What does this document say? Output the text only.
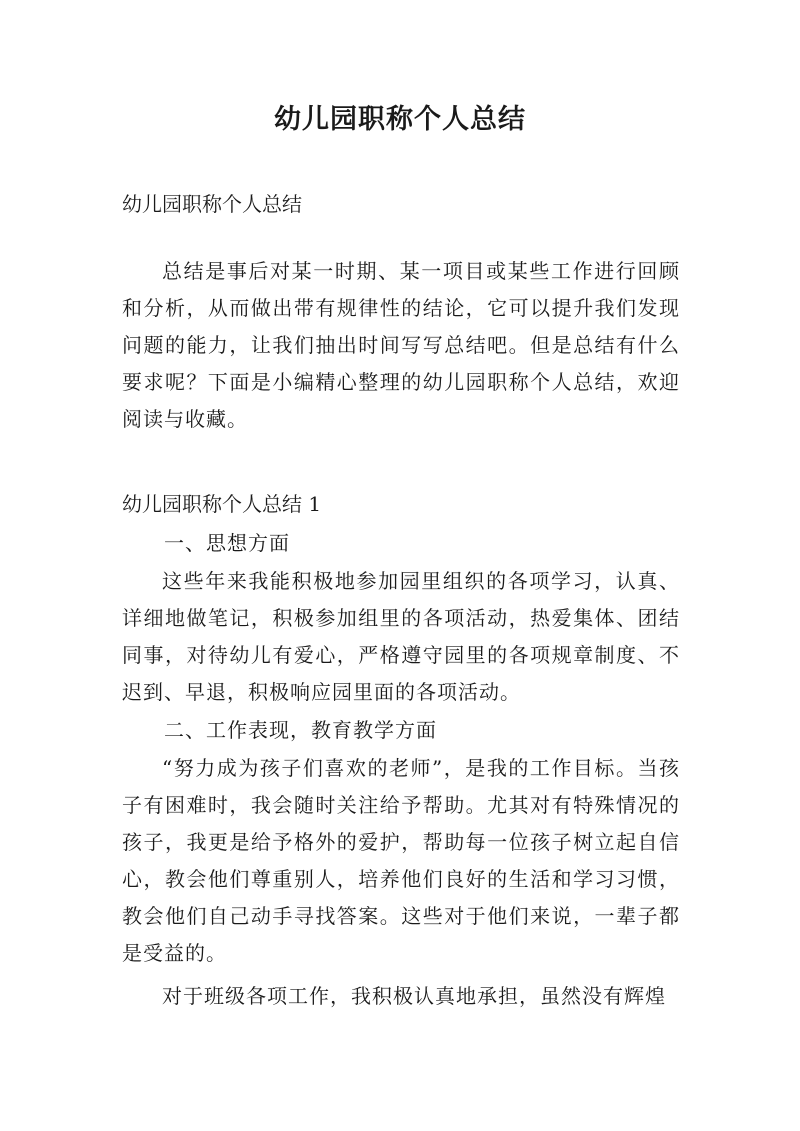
幼儿园职称个人总结

幼儿园职称个人总结

总结是事后对某一时期、某一项目或某些工作进行回顾和分析，从而做出带有规律性的结论，它可以提升我们发现问题的能力，让我们抽出时间写写总结吧。但是总结有什么要求呢？下面是小编精心整理的幼儿园职称个人总结，欢迎阅读与收藏。

幼儿园职称个人总结 1

一、思想方面

这些年来我能积极地参加园里组织的各项学习，认真、详细地做笔记，积极参加组里的各项活动，热爱集体、团结同事，对待幼儿有爱心，严格遵守园里的各项规章制度、不迟到、早退，积极响应园里面的各项活动。

二、工作表现，教育教学方面

“努力成为孩子们喜欢的老师”，是我的工作目标。当孩子有困难时，我会随时关注给予帮助。尤其对有特殊情况的孩子，我更是给予格外的爱护，帮助每一位孩子树立起自信心，教会他们尊重别人，培养他们良好的生活和学习习惯，教会他们自己动手寻找答案。这些对于他们来说，一辈子都是受益的。

对于班级各项工作，我积极认真地承担，虽然没有辉煌
